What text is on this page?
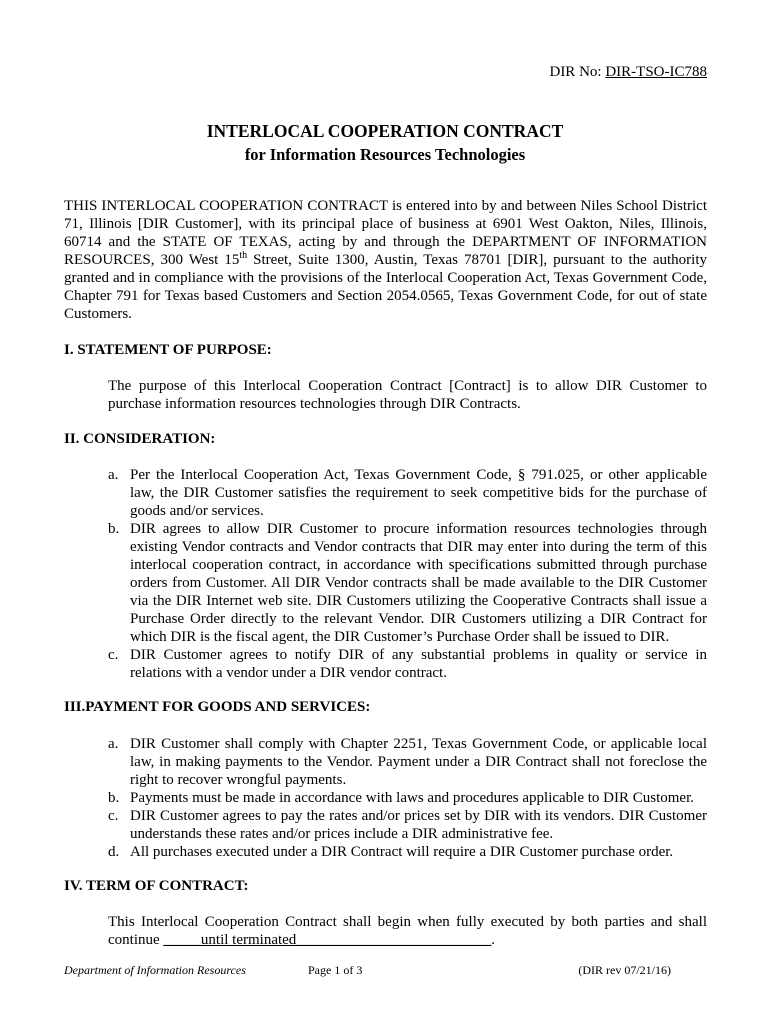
DIR No: DIR-TSO-IC788
INTERLOCAL COOPERATION CONTRACT
for Information Resources Technologies

THIS INTERLOCAL COOPERATION CONTRACT is entered into by and between Niles School District 71, Illinois [DIR Customer], with its principal place of business at 6901 West Oakton, Niles, Illinois, 60714 and the STATE OF TEXAS, acting by and through the DEPARTMENT OF INFORMATION RESOURCES, 300 West 15th Street, Suite 1300, Austin, Texas 78701 [DIR], pursuant to the authority granted and in compliance with the provisions of the Interlocal Cooperation Act, Texas Government Code, Chapter 791 for Texas based Customers and Section 2054.0565, Texas Government Code, for out of state Customers.

I. STATEMENT OF PURPOSE:

The purpose of this Interlocal Cooperation Contract [Contract] is to allow DIR Customer to purchase information resources technologies through DIR Contracts.

II. CONSIDERATION:

a. Per the Interlocal Cooperation Act, Texas Government Code, § 791.025, or other applicable law, the DIR Customer satisfies the requirement to seek competitive bids for the purchase of goods and/or services.
b. DIR agrees to allow DIR Customer to procure information resources technologies through existing Vendor contracts and Vendor contracts that DIR may enter into during the term of this interlocal cooperation contract, in accordance with specifications submitted through purchase orders from Customer. All DIR Vendor contracts shall be made available to the DIR Customer via the DIR Internet web site. DIR Customers utilizing the Cooperative Contracts shall issue a Purchase Order directly to the relevant Vendor. DIR Customers utilizing a DIR Contract for which DIR is the fiscal agent, the DIR Customer’s Purchase Order shall be issued to DIR.
c. DIR Customer agrees to notify DIR of any substantial problems in quality or service in relations with a vendor under a DIR vendor contract.

III.PAYMENT FOR GOODS AND SERVICES:

a. DIR Customer shall comply with Chapter 2251, Texas Government Code, or applicable local law, in making payments to the Vendor. Payment under a DIR Contract shall not foreclose the right to recover wrongful payments.
b. Payments must be made in accordance with laws and procedures applicable to DIR Customer.
c. DIR Customer agrees to pay the rates and/or prices set by DIR with its vendors. DIR Customer understands these rates and/or prices include a DIR administrative fee.
d. All purchases executed under a DIR Contract will require a DIR Customer purchase order.

IV. TERM OF CONTRACT:

This Interlocal Cooperation Contract shall begin when fully executed by both parties and shall continue _____until terminated__________________________.

Department of Information Resources	Page 1 of 3	(DIR rev 07/21/16)
